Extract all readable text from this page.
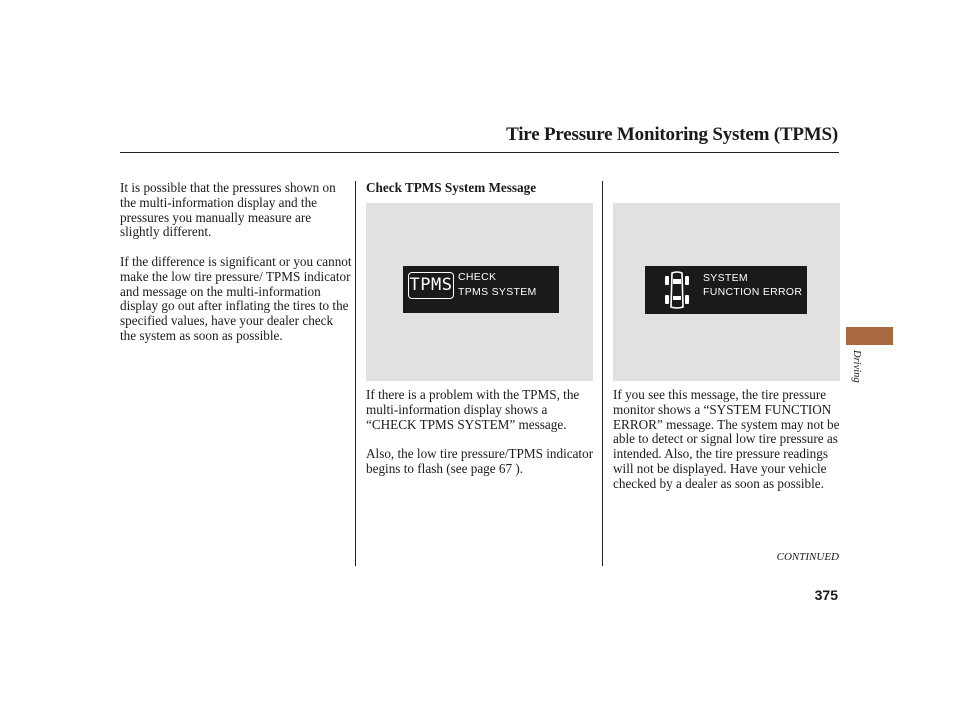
Tire Pressure Monitoring System (TPMS)

It is possible that the pressures shown on the multi-information display and the pressures you manually measure are slightly different.

If the difference is significant or you cannot make the low tire pressure/ TPMS indicator and message on the multi-information display go out after inflating the tires to the specified values, have your dealer check the system as soon as possible.

Check TPMS System Message
TPMS CHECK
TPMS SYSTEM

If there is a problem with the TPMS, the multi-information display shows a “CHECK TPMS SYSTEM” message.

Also, the low tire pressure/TPMS indicator begins to flash (see page 67 ).

SYSTEM
FUNCTION ERROR

If you see this message, the tire pressure monitor shows a “SYSTEM FUNCTION ERROR” message. The system may not be able to detect or signal low tire pressure as intended. Also, the tire pressure readings will not be displayed. Have your vehicle checked by a dealer as soon as possible.

Driving
CONTINUED
375
